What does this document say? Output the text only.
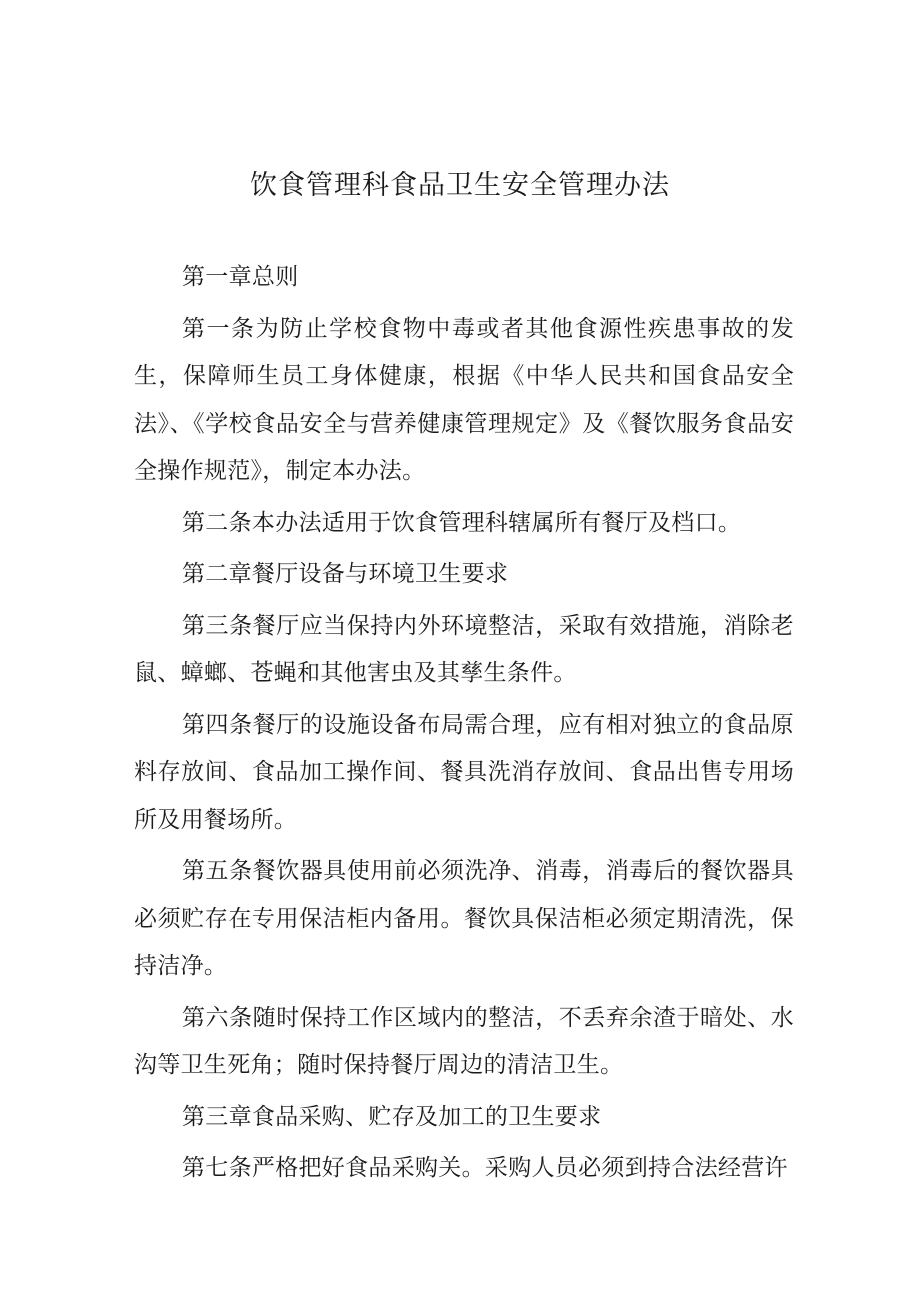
饮食管理科食品卫生安全管理办法

第一章总则

第一条为防止学校食物中毒或者其他食源性疾患事故的发生，保障师生员工身体健康，根据《中华人民共和国食品安全法》、《学校食品安全与营养健康管理规定》及《餐饮服务食品安全操作规范》，制定本办法。

第二条本办法适用于饮食管理科辖属所有餐厅及档口。

第二章餐厅设备与环境卫生要求

第三条餐厅应当保持内外环境整洁，采取有效措施，消除老鼠、蟑螂、苍蝇和其他害虫及其孳生条件。

第四条餐厅的设施设备布局需合理，应有相对独立的食品原料存放间、食品加工操作间、餐具洗消存放间、食品出售专用场所及用餐场所。

第五条餐饮器具使用前必须洗净、消毒，消毒后的餐饮器具必须贮存在专用保洁柜内备用。餐饮具保洁柜必须定期清洗，保持洁净。

第六条随时保持工作区域内的整洁，不丢弃余渣于暗处、水沟等卫生死角；随时保持餐厅周边的清洁卫生。

第三章食品采购、贮存及加工的卫生要求

第七条严格把好食品采购关。采购人员必须到持合法经营许
